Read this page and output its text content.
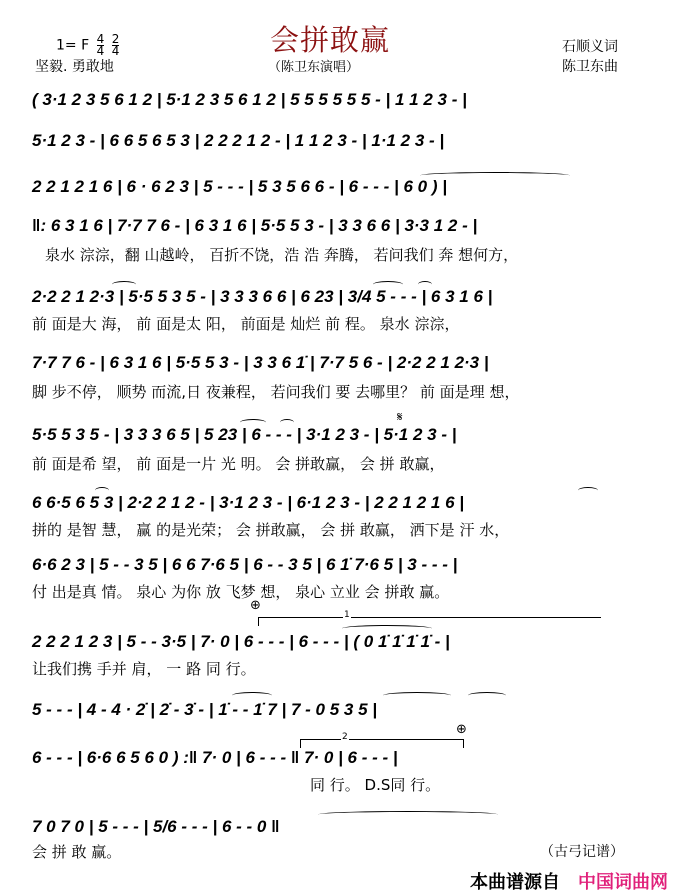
1= F $\frac{4}{4}$
$\frac{2}{4}$
坚毅. 勇敢地
会拼敢赢
（陈卫东演唱）
石顺义词
陈卫东曲
( 3·1 2 3 5 6 1 2 | 5·1 2 3 5 6 1 2 | 5 5 5 5 5 5 - | 1 1 2 3 - |
5·1 2 3 - | 6 6 5 6 5 3 | 2 2 2 1 2 - | 1 1 2 3 - | 1·1 2 3 - |
2 2 1 2 1 6 | 6 · 6 2 3 | 5 - - - | 5 3 5 6 6 - | 6 - - - | 6 0 ) |
‖: 6 3 1 6 | 7·7 7 6 - | 6 3 1 6 | 5·5 5 3 - | 3 3 6 6 | 3·3 1 2 - |
泉水 淙淙，翻 山越岭， 百折不饶，浩 浩 奔腾， 若问我们 奔 想何方，
2·2 2 1 2·3 | 5·5 5 3 5 - | 3 3 3 6 6 | 6 23 | 3/4 5 - - - | 6 3 1 6 |
前 面是大 海， 前 面是太 阳， 前面是 灿烂 前 程。 泉水 淙淙，
7·7 7 6 - | 6 3 1 6 | 5·5 5 3 - | 3 3 6 1̇ | 7·7 5 6 - | 2·2 2 1 2·3 |
脚 步不停， 顺势 而流,日 夜兼程， 若问我们 要 去哪里？ 前 面是理 想，
𝄋
5·5 5 3 5 - | 3 3 3 6 5 | 5 23 | 6 - - - | 3·1 2 3 - | 5·1 2 3 - |
前 面是希 望， 前 面是一片 光 明。 会 拼敢赢， 会 拼 敢赢，
6 6·5 6 5 3 | 2·2 2 1 2 - | 3·1 2 3 - | 6·1 2 3 - | 2 2 1 2 1 6 |
拼的 是智 慧， 赢 的是光荣； 会 拼敢赢， 会 拼 敢赢， 洒下是 汗 水，
6·6 2 3 | 5 - - 3 5 | 6 6 7·6 5 | 6 - - 3 5 | 6 1̇ 7·6 5 | 3 - - - |
付 出是真 情。 泉心 为你 放 飞梦 想， 泉心 立业 会 拼敢 赢。
⊕
1
2 2 2 1 2 3 | 5 - - 3·5 | 7· 0 | 6 - - - | 6 - - - | ( 0 1̇ 1̇ 1̇ 1̇ - |
让我们携 手并 肩， 一 路 同 行。
5 - - - | 4 - 4 · 2̇ | 2̇ - 3̇ - | 1̇ - - 1̇ 7 | 7 - 0 5 3 5 |
⊕
2
6 - - - | 6·6 6 5 6 0 ) :‖ 7· 0 | 6 - - - ‖ 7· 0 | 6 - - - |
同 行。 D.S同 行。
7 0 7 0 | 5 - - - | 5/6 - - - | 6 - - 0 ‖
会 拼 敢 赢。	（古弓记谱）
本曲谱源自 中国词曲网
